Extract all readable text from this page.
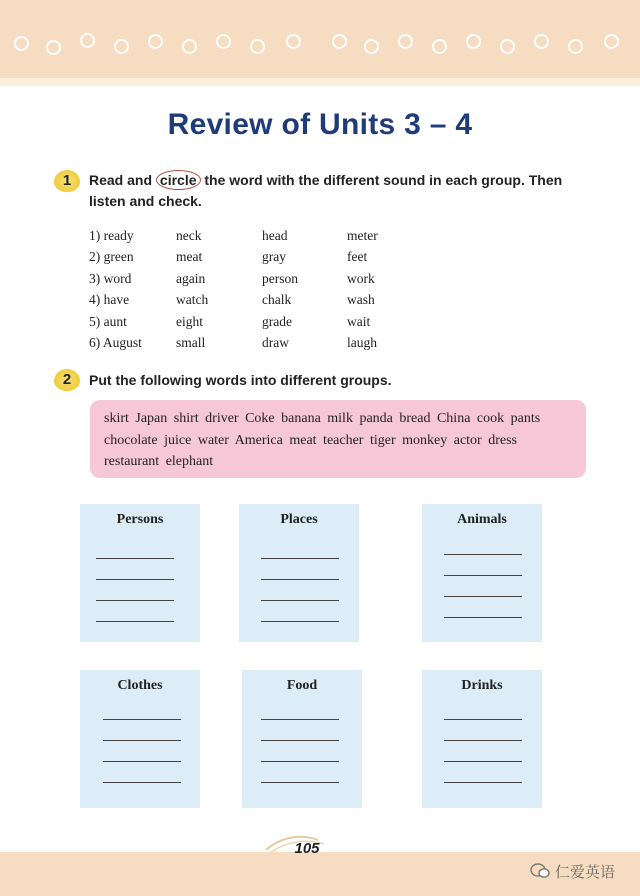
Review of Units 3 – 4
1	Read and circle the word with the different sound in each group. Then listen and check.
1) ready	neck	head	meter
2) green	meat	gray	feet
3) word	again	person	work
4) have	watch	chalk	wash
5) aunt	eight	grade	wait
6) August	small	draw	laugh
2	Put the following words into different groups.
skirt Japan shirt driver Coke banana milk panda bread China cook pants chocolate juice water America meat teacher tiger monkey actor dress restaurant elephant
Persons	Places	Animals
Clothes	Food	Drinks
105
仁爱英语
